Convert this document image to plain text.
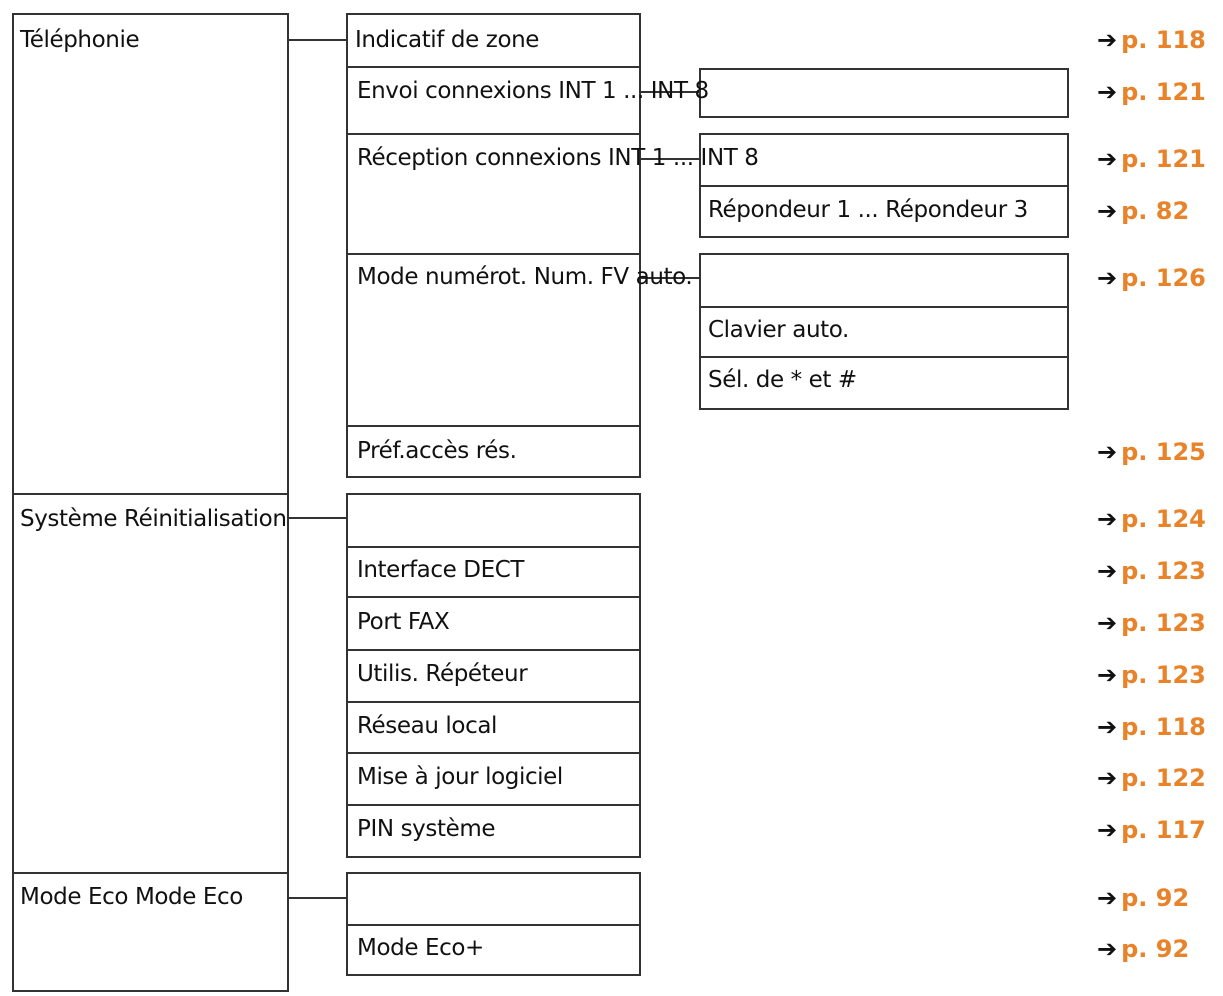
Téléphonie
Système Réinitialisation
Mode Eco Mode Eco
Indicatif de zone
Envoi connexions INT 1 ... INT 8
Réception connexions INT 1 ... INT 8
Mode numérot. Num. FV auto.
Préf.accès rés.
Répondeur 1 ... Répondeur 3
Clavier auto.
Sél. de * et #
Interface DECT
Port FAX
Utilis. Répéteur
Réseau local
Mise à jour logiciel
PIN système
Mode Eco+
➔ p. 118
➔ p. 121
➔ p. 121
➔ p. 82
➔ p. 126
➔ p. 125
➔ p. 124
➔ p. 123
➔ p. 123
➔ p. 123
➔ p. 118
➔ p. 122
➔ p. 117
➔ p. 92
➔ p. 92
